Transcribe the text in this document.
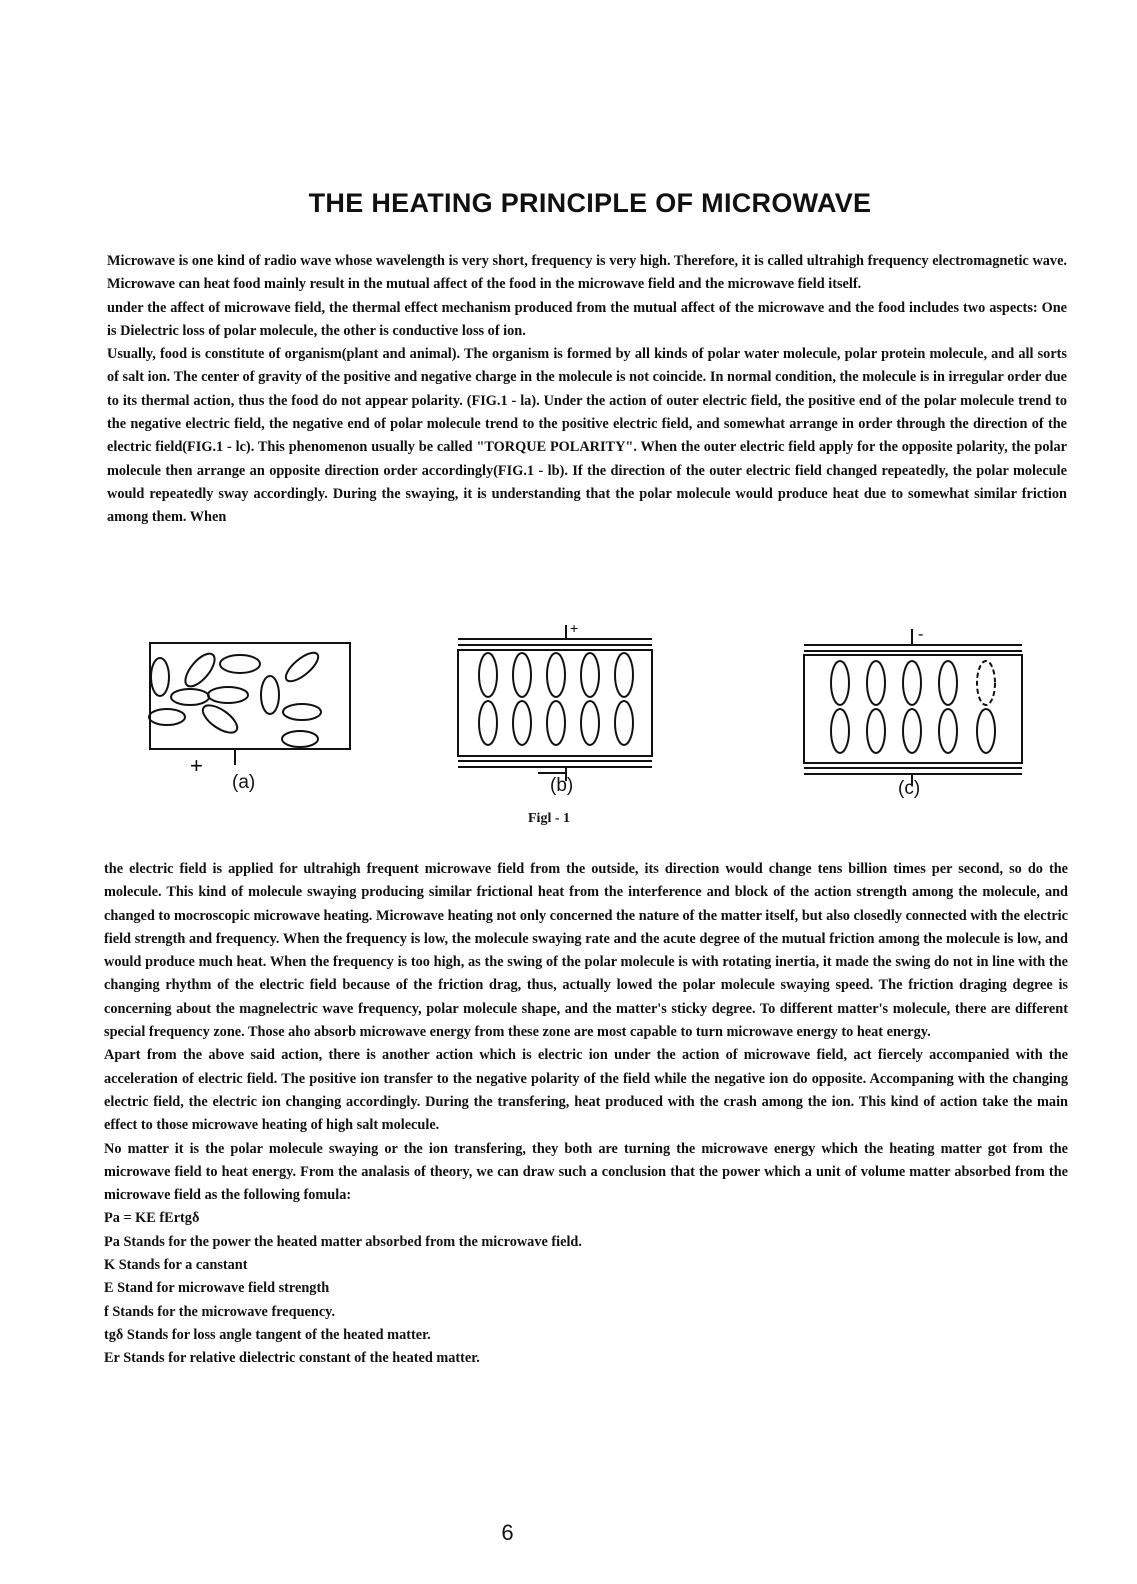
THE HEATING PRINCIPLE OF MICROWAVE

Microwave is one kind of radio wave whose wavelength is very short, frequency is very high. Therefore, it is called ultrahigh frequency electromagnetic wave. Microwave can heat food mainly result in the mutual affect of the food in the microwave field and the microwave field itself.

under the affect of microwave field, the thermal effect mechanism produced from the mutual affect of the microwave and the food includes two aspects: One is Dielectric loss of polar molecule, the other is conductive loss of ion.

Usually, food is constitute of organism(plant and animal). The organism is formed by all kinds of polar water molecule, polar protein molecule, and all sorts of salt ion. The center of gravity of the positive and negative charge in the molecule is not coincide. In normal condition, the molecule is in irregular order due to its thermal action, thus the food do not appear polarity. (FIG.1 - la). Under the action of outer electric field, the positive end of the polar molecule trend to the negative electric field, the negative end of polar molecule trend to the positive electric field, and somewhat arrange in order through the direction of the electric field(FIG.1 - lc). This phenomenon usually be called "TORQUE POLARITY". When the outer electric field apply for the opposite polarity, the polar molecule then arrange an opposite direction order accordingly(FIG.1 - lb). If the direction of the outer electric field changed repeatedly, the polar molecule would repeatedly sway accordingly. During the swaying, it is understanding that the polar molecule would produce heat due to somewhat similar friction among them. When

+
+	-
(a)	(b)	(c)
Figl - 1

the electric field is applied for ultrahigh frequent microwave field from the outside, its direction would change tens billion times per second, so do the molecule. This kind of molecule swaying producing similar frictional heat from the interference and block of the action strength among the molecule, and changed to mocroscopic microwave heating. Microwave heating not only concerned the nature of the matter itself, but also closedly connected with the electric field strength and frequency. When the frequency is low, the molecule swaying rate and the acute degree of the mutual friction among the molecule is low, and would produce much heat. When the frequency is too high, as the swing of the polar molecule is with rotating inertia, it made the swing do not in line with the changing rhythm of the electric field because of the friction drag, thus, actually lowed the polar molecule swaying speed. The friction draging degree is concerning about the magnelectric wave frequency, polar molecule shape, and the matter's sticky degree. To different matter's molecule, there are different special frequency zone. Those aho absorb microwave energy from these zone are most capable to turn microwave energy to heat energy.

Apart from the above said action, there is another action which is electric ion under the action of microwave field, act fiercely accompanied with the acceleration of electric field. The positive ion transfer to the negative polarity of the field while the negative ion do opposite. Accompaning with the changing electric field, the electric ion changing accordingly. During the transfering, heat produced with the crash among the ion. This kind of action take the main effect to those microwave heating of high salt molecule.

No matter it is the polar molecule swaying or the ion transfering, they both are turning the microwave energy which the heating matter got from the microwave field to heat energy. From the analasis of theory, we can draw such a conclusion that the power which a unit of volume matter absorbed from the microwave field as the following fomula:

Pa = KE fErtgδ

Pa Stands for the power the heated matter absorbed from the microwave field.

K Stands for a canstant

E Stand for microwave field strength

f Stands for the microwave frequency.

tgδ Stands for loss angle tangent of the heated matter.

Er Stands for relative dielectric constant of the heated matter.

6
